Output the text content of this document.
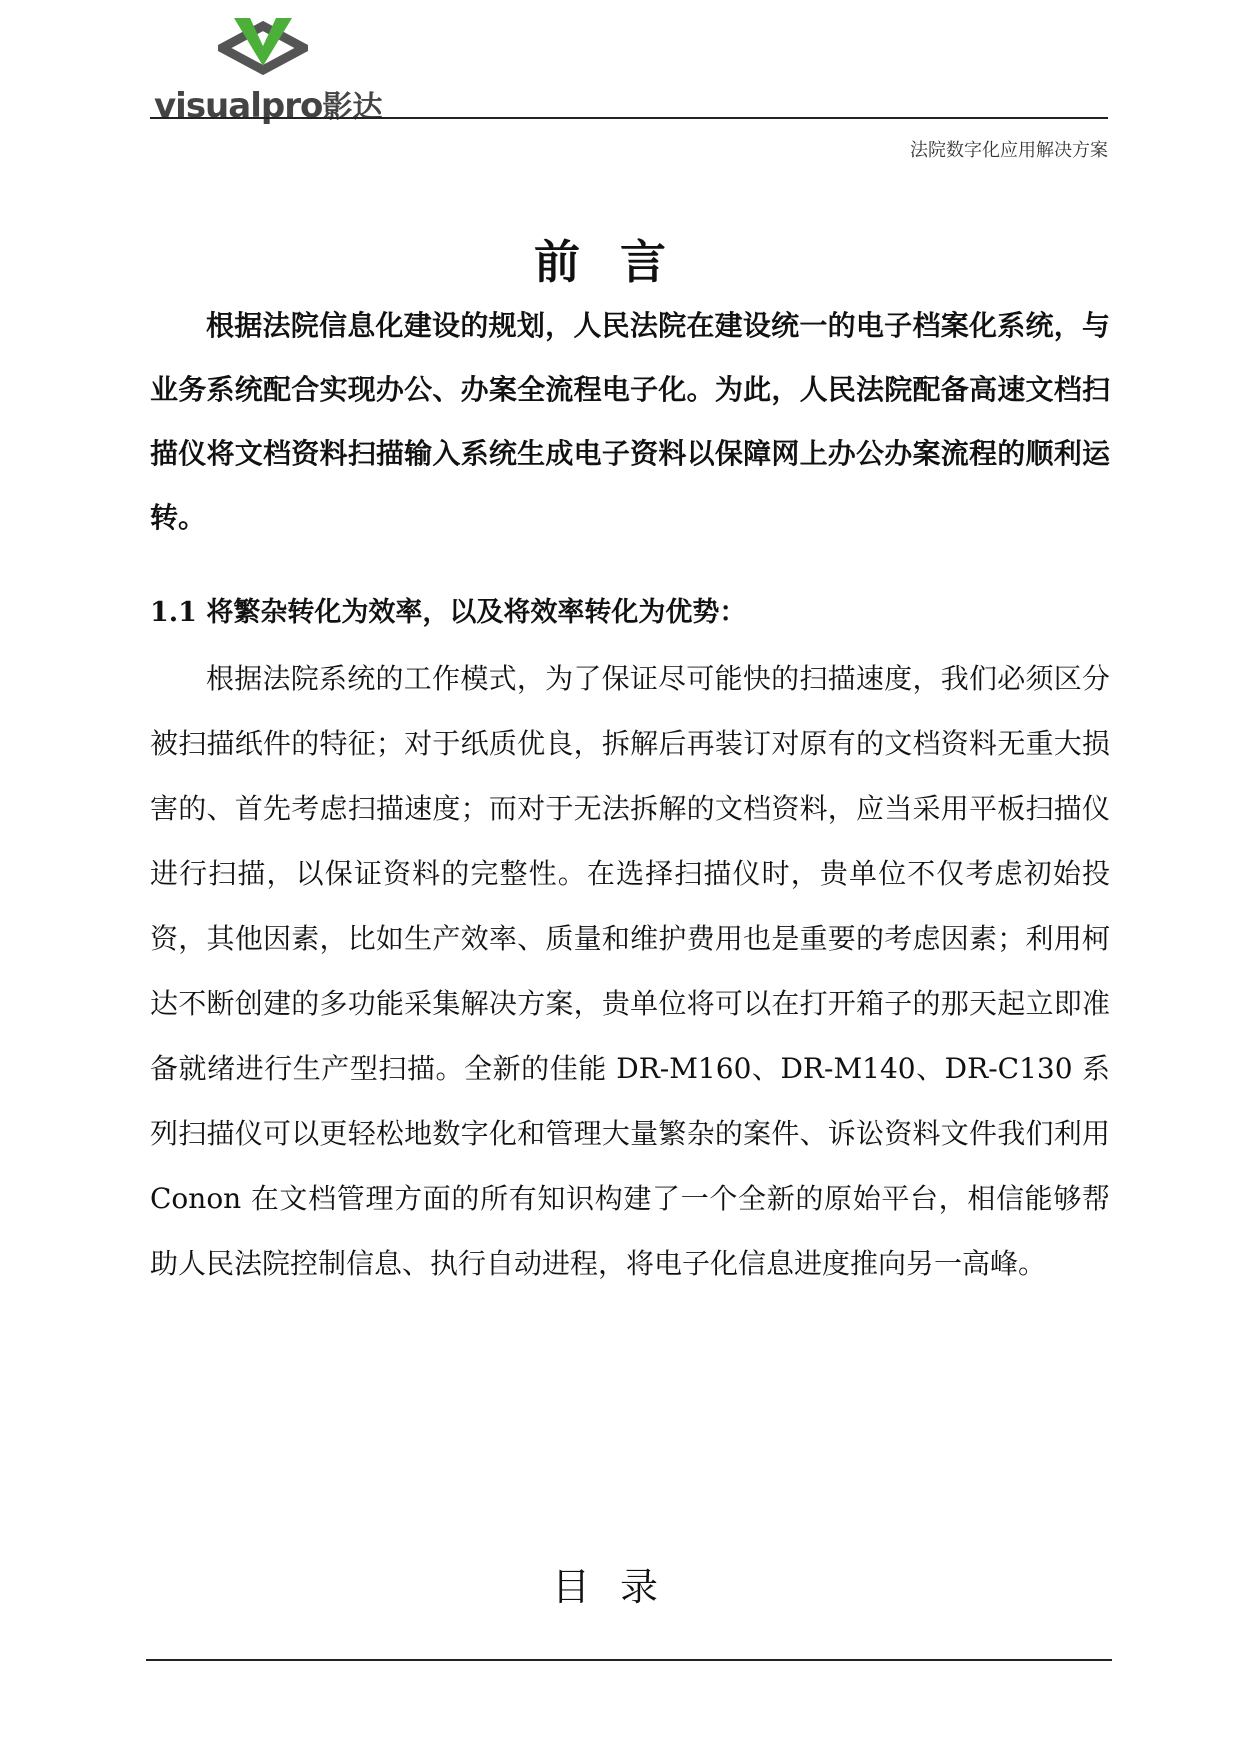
visualpro影达
法院数字化应用解决方案
前言

根据法院信息化建设的规划，人民法院在建设统一的电子档案化系统，与业务系统配合实现办公、办案全流程电子化。为此，人民法院配备高速文档扫描仪将文档资料扫描输入系统生成电子资料以保障网上办公办案流程的顺利运转。

1.1 将繁杂转化为效率，以及将效率转化为优势：

根据法院系统的工作模式，为了保证尽可能快的扫描速度，我们必须区分被扫描纸件的特征；对于纸质优良，拆解后再装订对原有的文档资料无重大损害的、首先考虑扫描速度；而对于无法拆解的文档资料，应当采用平板扫描仪进行扫描，以保证资料的完整性。在选择扫描仪时，贵单位不仅考虑初始投资，其他因素，比如生产效率、质量和维护费用也是重要的考虑因素；利用柯达不断创建的多功能采集解决方案，贵单位将可以在打开箱子的那天起立即准备就绪进行生产型扫描。全新的佳能 DR-M160、DR-M140、DR-C130 系列扫描仪可以更轻松地数字化和管理大量繁杂的案件、诉讼资料文件我们利用 Conon 在文档管理方面的所有知识构建了一个全新的原始平台，相信能够帮助人民法院控制信息、执行自动进程，将电子化信息进度推向另一高峰。

目录
